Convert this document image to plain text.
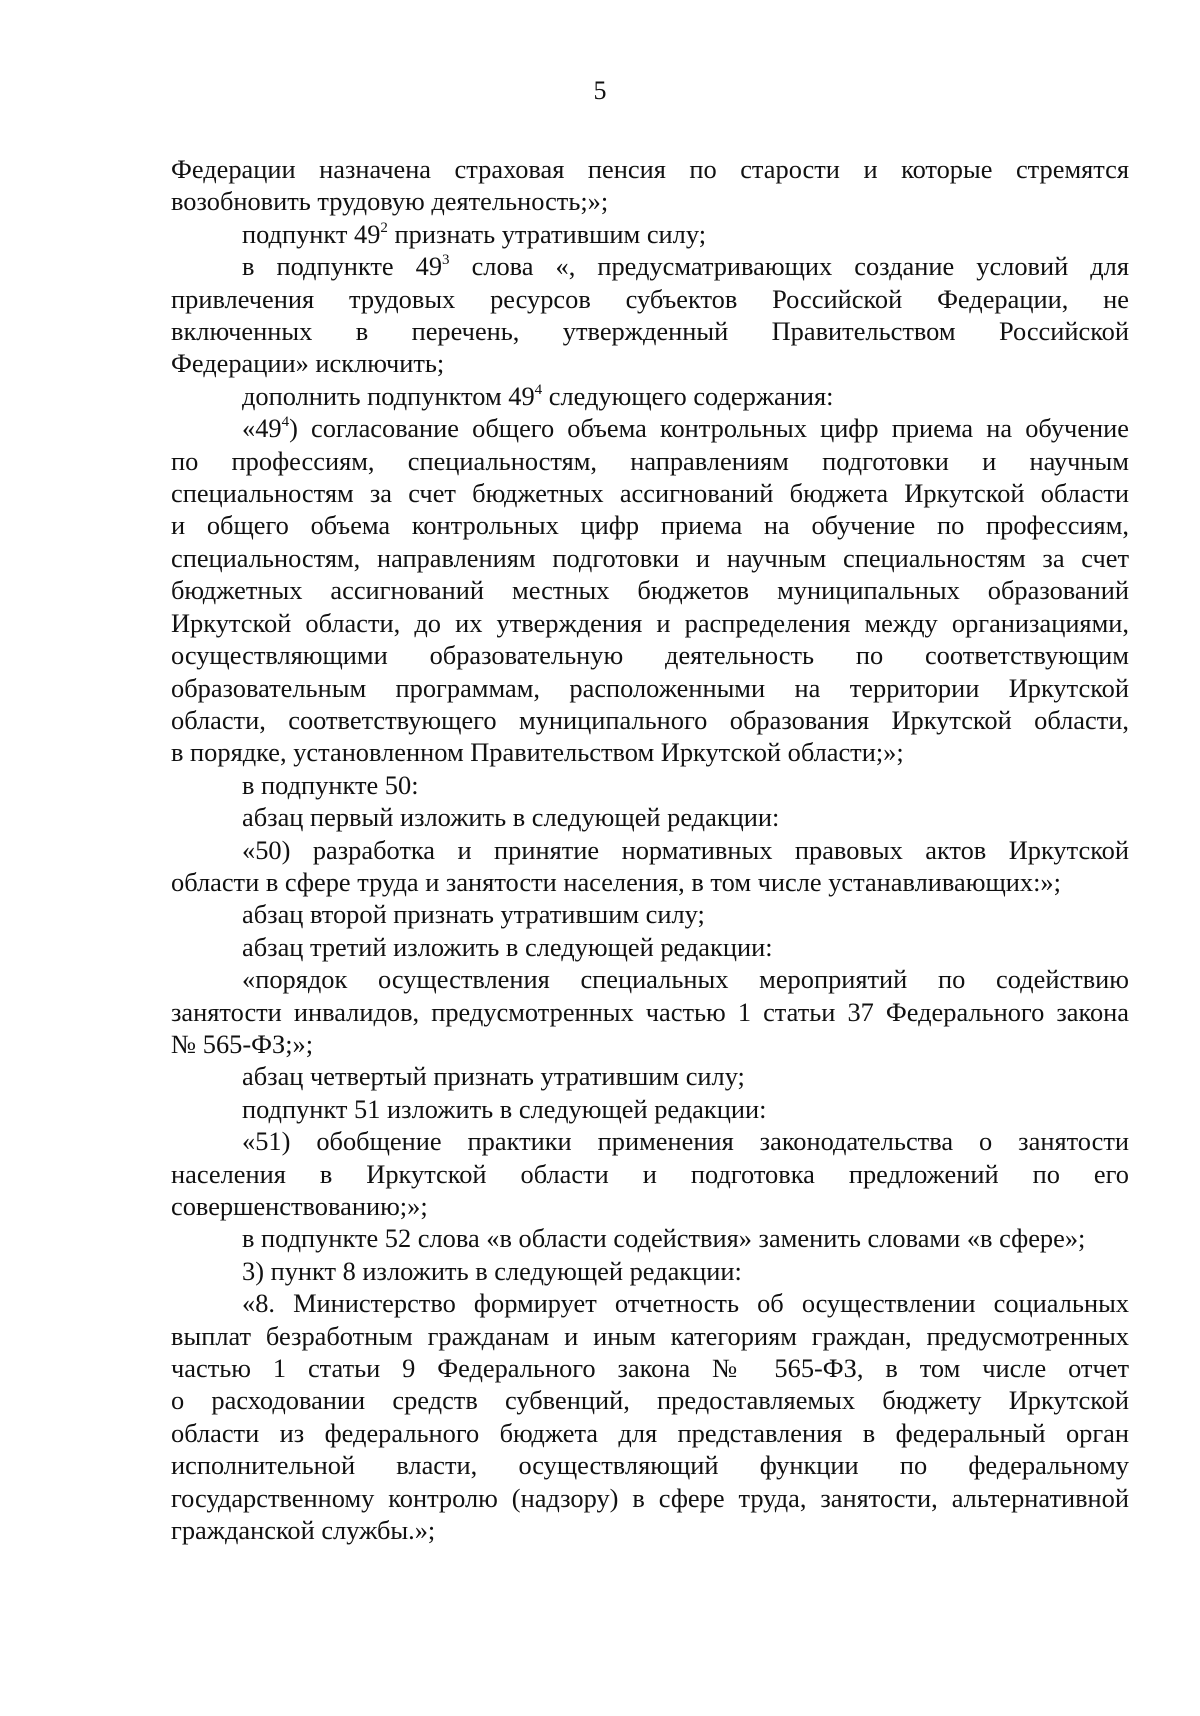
5

Федерации назначена страховая пенсия по старости и которые стремятся

возобновить трудовую деятельность;»;

подпункт $49^2$ признать утратившим силу;

в подпункте $49^3$ слова «, предусматривающих создание условий для

привлечения трудовых ресурсов субъектов Российской Федерации, не

включенных в перечень, утвержденный Правительством Российской

Федерации» исключить;

дополнить подпунктом $49^4$ следующего содержания:

«$49^4$) согласование общего объема контрольных цифр приема на обучение

по профессиям, специальностям, направлениям подготовки и научным

специальностям за счет бюджетных ассигнований бюджета Иркутской области

и общего объема контрольных цифр приема на обучение по профессиям,

специальностям, направлениям подготовки и научным специальностям за счет

бюджетных ассигнований местных бюджетов муниципальных образований

Иркутской области, до их утверждения и распределения между организациями,

осуществляющими образовательную деятельность по соответствующим

образовательным программам, расположенными на территории Иркутской

области, соответствующего муниципального образования Иркутской области,

в порядке, установленном Правительством Иркутской области;»;

в подпункте 50:

абзац первый изложить в следующей редакции:

«50) разработка и принятие нормативных правовых актов Иркутской

области в сфере труда и занятости населения, в том числе устанавливающих:»;

абзац второй признать утратившим силу;

абзац третий изложить в следующей редакции:

«порядок осуществления специальных мероприятий по содействию

занятости инвалидов, предусмотренных частью 1 статьи 37 Федерального закона

№ 565-ФЗ;»;

абзац четвертый признать утратившим силу;

подпункт 51 изложить в следующей редакции:

«51) обобщение практики применения законодательства о занятости

населения в Иркутской области и подготовка предложений по его

совершенствованию;»;

в подпункте 52 слова «в области содействия» заменить словами «в сфере»;

3) пункт 8 изложить в следующей редакции:

«8. Министерство формирует отчетность об осуществлении социальных

выплат безработным гражданам и иным категориям граждан, предусмотренных

частью 1 статьи 9 Федерального закона № 565-ФЗ, в том числе отчет

о расходовании средств субвенций, предоставляемых бюджету Иркутской

области из федерального бюджета для представления в федеральный орган

исполнительной власти, осуществляющий функции по федеральному

государственному контролю (надзору) в сфере труда, занятости, альтернативной

гражданской службы.»;
